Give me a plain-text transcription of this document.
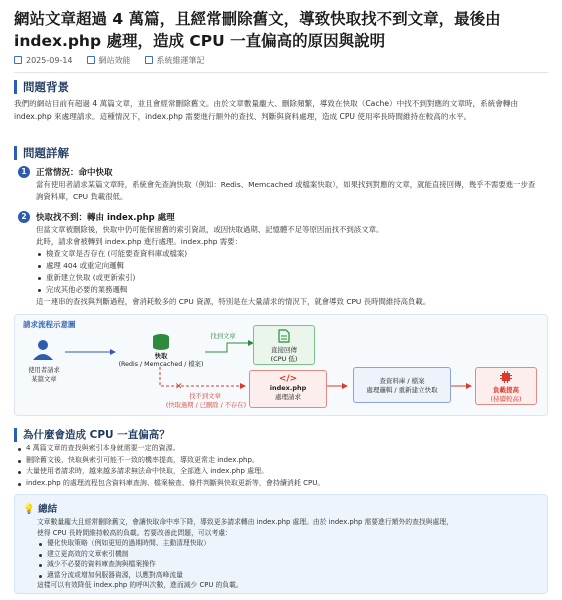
網站文章超過 4 萬篇，且經常刪除舊文，導致快取找不到文章，最後由 index.php 處理，造成 CPU 一直偏高的原因與說明
2025-09-14	網站效能	系統維運筆記
問題背景
我們的網站目前有超過 4 萬篇文章，並且會經常刪除舊文。由於文章數量龐大、刪除頻繁，導致在快取（Cache）中找不到對應的文章時，系統會轉由 index.php 來處理請求。這種情況下，index.php 需要進行額外的查找、判斷與資料處理，造成 CPU 使用率長時間維持在較高的水平。
問題詳解
1	正常情況：命中快取
當有使用者請求某篇文章時，系統會先查詢快取（例如：Redis、Memcached 或檔案快取），如果找到對應的文章，就能直接回傳，幾乎不需要進一步查詢資料庫，CPU 負載很低。
2	快取找不到：轉由 index.php 處理
但當文章被刪除後，快取中仍可能保留舊的索引資訊，或因快取過期、記憶體不足等原因而找不到該文章。
此時，請求會被轉到 index.php 進行處理。index.php 需要：
檢查文章是否存在 (可能要查資料庫或檔案)
處理 404 或重定向邏輯
重新建立快取 (或更新索引)
完成其他必要的業務邏輯
這一連串的查找與判斷過程，會消耗較多的 CPU 資源，特別是在大量請求的情況下，就會導致 CPU 長時間維持高負載。
請求流程示意圖
✕
使用者請求
某篇文章
快取
(Redis / Memcached / 檔案)
找到文章
直接回傳
(CPU 低)
找不到文章
(快取過期 / 已刪除 / 不存在)
</>
index.php
處理請求
查資料庫 / 檔案
處理邏輯 / 重新建立快取	負載提高
(持續較高)
為什麼會造成 CPU 一直偏高？
4 萬篇文章的查找與索引本身就需要一定的資源。
刪除舊文後，快取與索引可能不一致的機率提高，導致更常走 index.php。
大量使用者請求時，越來越多請求無法命中快取，全部進入 index.php 處理。
index.php 的處理流程包含資料庫查詢、檔案檢查、條件判斷與快取更新等，會持續消耗 CPU。
💡 總結
文章數量龐大且經常刪除舊文，會讓快取命中率下降，導致更多請求轉由 index.php 處理。由於 index.php 需要進行額外的查找與處理，
使得 CPU 長時間維持較高的負載。若要改善此問題，可以考慮：
優化快取策略（例如更短的過期時間、主動清理快取）
建立更高效的文章索引機制
減少不必要的資料庫查詢與檔案操作
適當分流或增加伺服器資源，以應對高峰流量
這樣可以有效降低 index.php 的呼叫次數，進而減少 CPU 的負載。
